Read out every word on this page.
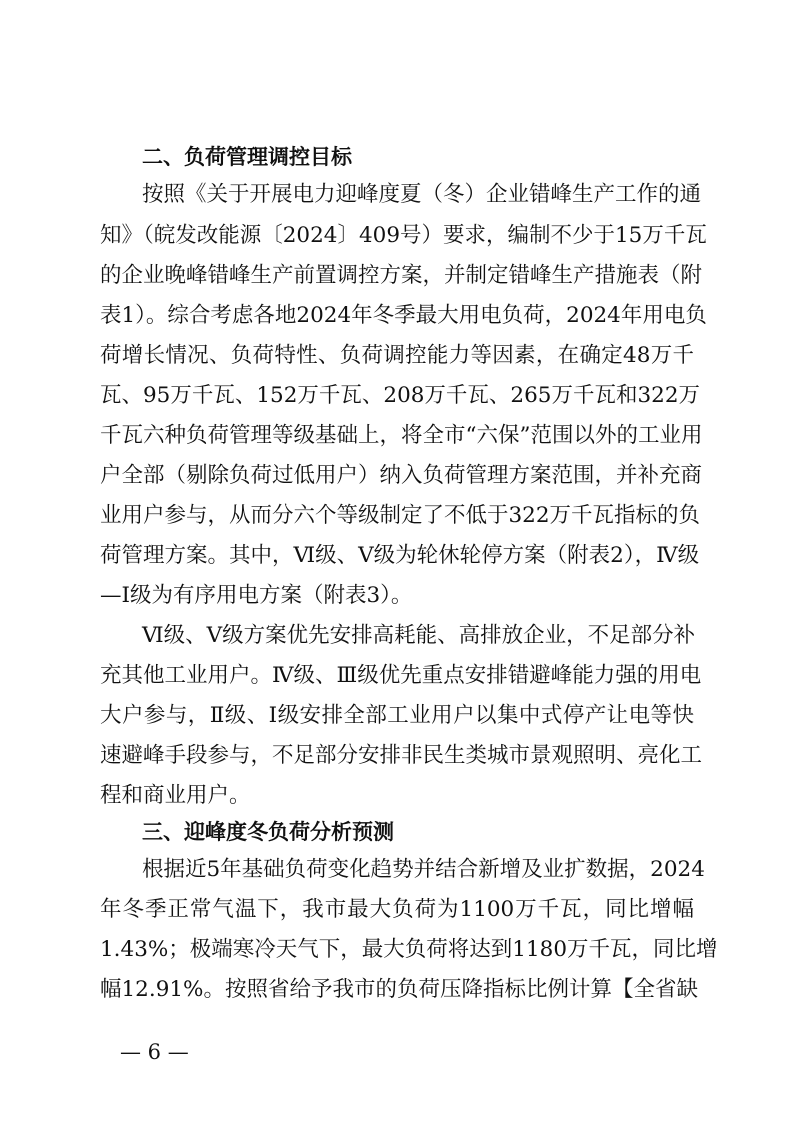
二、负荷管理调控目标
按照《关于开展电力迎峰度夏（冬）企业错峰生产工作的通
知》（皖发改能源〔2024〕409号）要求，编制不少于15万千瓦
的企业晚峰错峰生产前置调控方案，并制定错峰生产措施表（附
表1）。综合考虑各地2024年冬季最大用电负荷，2024年用电负
荷增长情况、负荷特性、负荷调控能力等因素，在确定48万千
瓦、95万千瓦、152万千瓦、208万千瓦、265万千瓦和322万
千瓦六种负荷管理等级基础上，将全市“六保”范围以外的工业用
户全部（剔除负荷过低用户）纳入负荷管理方案范围，并补充商
业用户参与，从而分六个等级制定了不低于322万千瓦指标的负
荷管理方案。其中，Ⅵ级、Ⅴ级为轮休轮停方案（附表2），Ⅳ级
—Ⅰ级为有序用电方案（附表3）。
Ⅵ级、Ⅴ级方案优先安排高耗能、高排放企业，不足部分补
充其他工业用户。Ⅳ级、Ⅲ级优先重点安排错避峰能力强的用电
大户参与，Ⅱ级、Ⅰ级安排全部工业用户以集中式停产让电等快
速避峰手段参与，不足部分安排非民生类城市景观照明、亮化工
程和商业用户。
三、迎峰度冬负荷分析预测
根据近5年基础负荷变化趋势并结合新增及业扩数据，2024
年冬季正常气温下，我市最大负荷为1100万千瓦，同比增幅
1.43%；极端寒冷天气下，最大负荷将达到1180万千瓦，同比增
幅12.91%。按照省给予我市的负荷压降指标比例计算【全省缺
— 6 —
